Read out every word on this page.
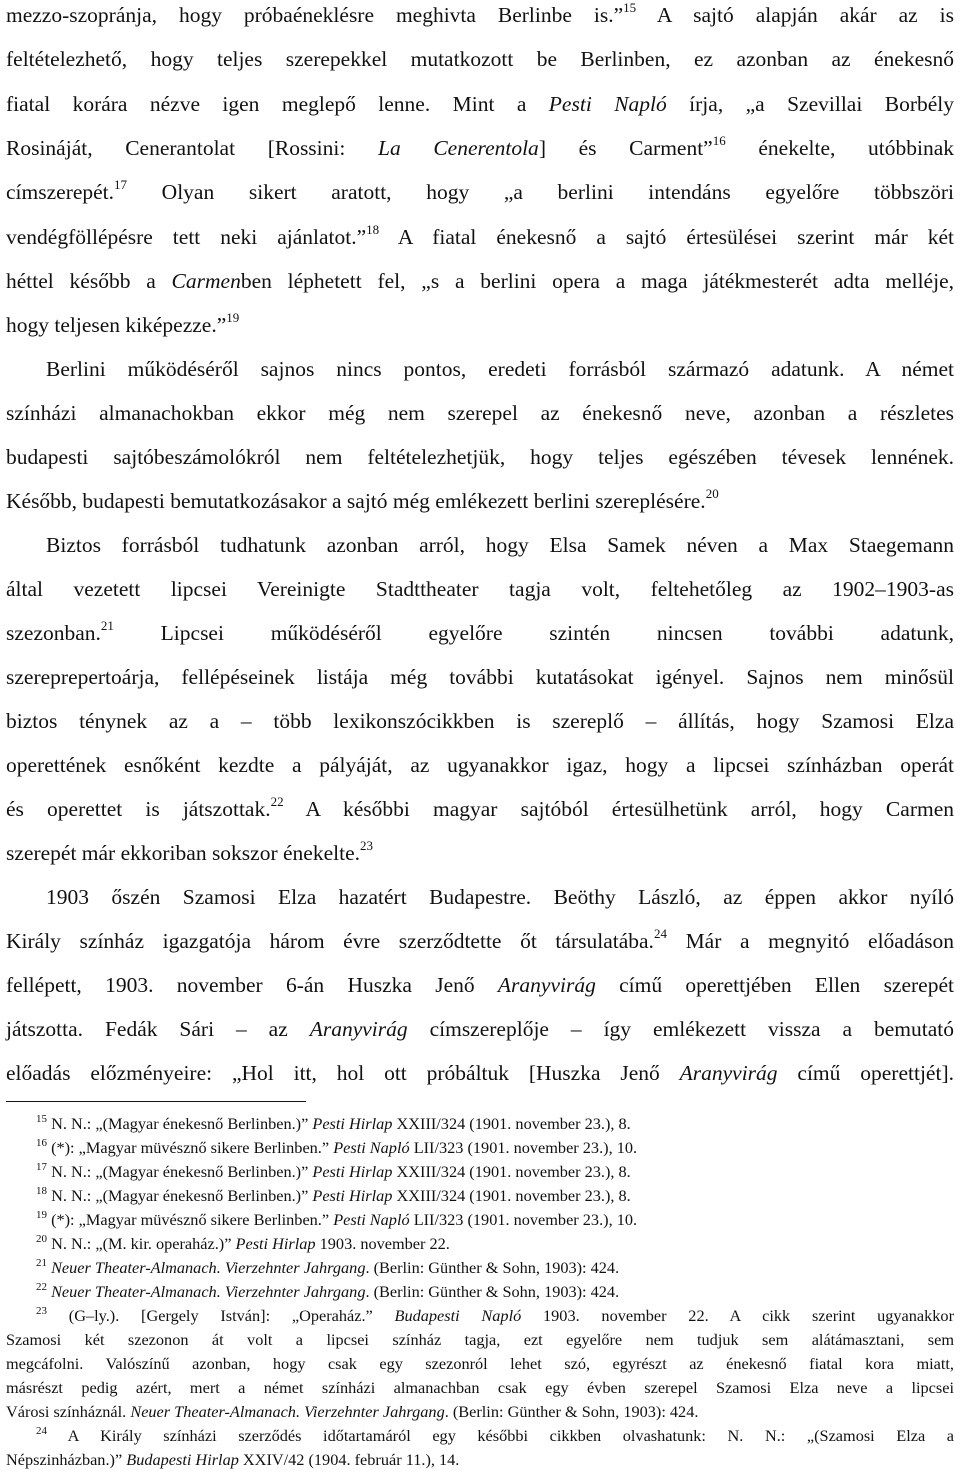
mezzo-szopránja, hogy próbaéneklésre meghivta Berlinbe is.”$^{15}$ A sajtó alapján akár az is
feltételezhető, hogy teljes szerepekkel mutatkozott be Berlinben, ez azonban az énekesnő
fiatal korára nézve igen meglepő lenne. Mint a Pesti Napló írja, „a Szevillai Borbély
Rosináját, Cenerantolat [Rossini: La Cenerentola] és Carment”$^{16}$ énekelte, utóbbinak
címszerepét.$^{17}$ Olyan sikert aratott, hogy „a berlini intendáns egyelőre többszöri
vendégföllépésre tett neki ajánlatot.”$^{18}$ A fiatal énekesnő a sajtó értesülései szerint már két
héttel később a Carmenben léphetett fel, „s a berlini opera a maga játékmesterét adta melléje,
hogy teljesen kiképezze.”$^{19}$
Berlini működéséről sajnos nincs pontos, eredeti forrásból származó adatunk. A német
színházi almanachokban ekkor még nem szerepel az énekesnő neve, azonban a részletes
budapesti sajtóbeszámolókról nem feltételezhetjük, hogy teljes egészében tévesek lennének.
Később, budapesti bemutatkozásakor a sajtó még emlékezett berlini szereplésére.$^{20}$
Biztos forrásból tudhatunk azonban arról, hogy Elsa Samek néven a Max Staegemann
által vezetett lipcsei Vereinigte Stadttheater tagja volt, feltehetőleg az 1902–1903-as
szezonban.$^{21}$ Lipcsei működéséről egyelőre szintén nincsen további adatunk,
szereprepertoárja, fellépéseinek listája még további kutatásokat igényel. Sajnos nem minősül
biztos ténynek az a – több lexikonszócikkben is szereplő – állítás, hogy Szamosi Elza
operettének esnőként kezdte a pályáját, az ugyanakkor igaz, hogy a lipcsei színházban operát
és operettet is játszottak.$^{22}$ A későbbi magyar sajtóból értesülhetünk arról, hogy Carmen
szerepét már ekkoriban sokszor énekelte.$^{23}$
1903 őszén Szamosi Elza hazatért Budapestre. Beöthy László, az éppen akkor nyíló
Király színház igazgatója három évre szerződtette őt társulatába.$^{24}$ Már a megnyitó előadáson
fellépett, 1903. november 6-án Huszka Jenő Aranyvirág című operettjében Ellen szerepét
játszotta. Fedák Sári – az Aranyvirág címszereplője – így emlékezett vissza a bemutató
előadás előzményeire: „Hol itt, hol ott próbáltuk [Huszka Jenő Aranyvirág című operettjét].
$^{15}$ N. N.: „(Magyar énekesnő Berlinben.)” Pesti Hirlap XXIII/324 (1901. november 23.), 8.
$^{16}$ (*): „Magyar müvésznő sikere Berlinben.” Pesti Napló LII/323 (1901. november 23.), 10.
$^{17}$ N. N.: „(Magyar énekesnő Berlinben.)” Pesti Hirlap XXIII/324 (1901. november 23.), 8.
$^{18}$ N. N.: „(Magyar énekesnő Berlinben.)” Pesti Hirlap XXIII/324 (1901. november 23.), 8.
$^{19}$ (*): „Magyar müvésznő sikere Berlinben.” Pesti Napló LII/323 (1901. november 23.), 10.
$^{20}$ N. N.: „(M. kir. operaház.)” Pesti Hirlap 1903. november 22.
$^{21}$ Neuer Theater-Almanach. Vierzehnter Jahrgang. (Berlin: Günther & Sohn, 1903): 424.
$^{22}$ Neuer Theater-Almanach. Vierzehnter Jahrgang. (Berlin: Günther & Sohn, 1903): 424.
$^{23}$ (G–ly.). [Gergely István]: „Operaház.” Budapesti Napló 1903. november 22. A cikk szerint ugyanakkor
Szamosi két szezonon át volt a lipcsei színház tagja, ezt egyelőre nem tudjuk sem alátámasztani, sem
megcáfolni. Valószínű azonban, hogy csak egy szezonról lehet szó, egyrészt az énekesnő fiatal kora miatt,
másrészt pedig azért, mert a német színházi almanachban csak egy évben szerepel Szamosi Elza neve a lipcsei
Városi színháznál. Neuer Theater-Almanach. Vierzehnter Jahrgang. (Berlin: Günther & Sohn, 1903): 424.
$^{24}$ A Király színházi szerződés időtartamáról egy későbbi cikkben olvashatunk: N. N.: „(Szamosi Elza a
Népszinházban.)” Budapesti Hirlap XXIV/42 (1904. február 11.), 14.
